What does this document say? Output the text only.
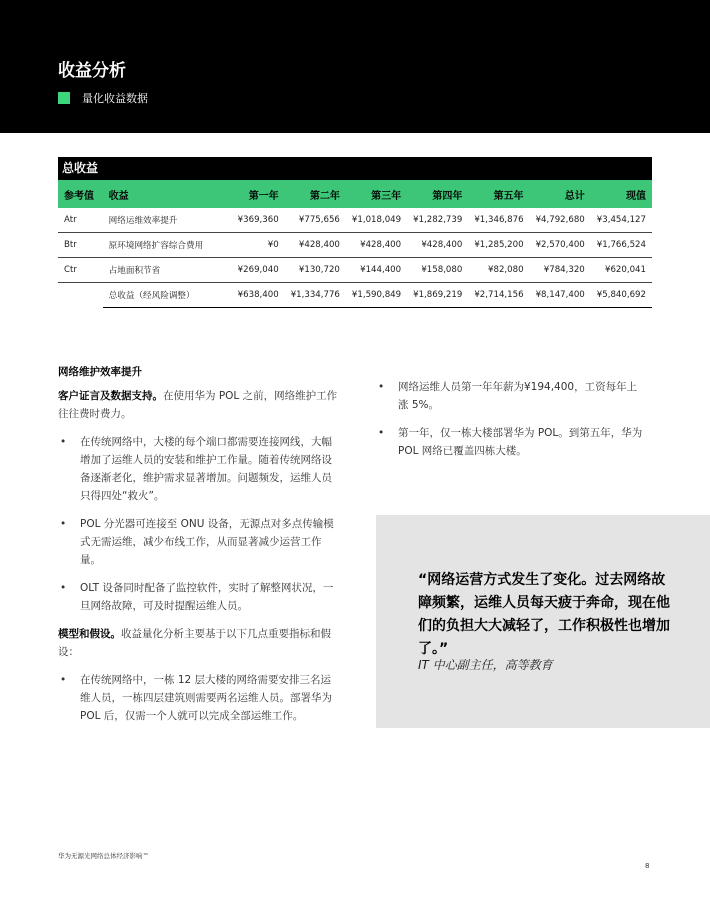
收益分析
量化收益数据
总收益
参考值	收益	第一年	第二年	第三年	第四年	第五年	总计	现值
Atr	网络运维效率提升	¥369,360	¥775,656	¥1,018,049	¥1,282,739	¥1,346,876	¥4,792,680	¥3,454,127
Btr	原环境网络扩容综合费用	¥0	¥428,400	¥428,400	¥428,400	¥1,285,200	¥2,570,400	¥1,766,524
Ctr	占地面积节省	¥269,040	¥130,720	¥144,400	¥158,080	¥82,080	¥784,320	¥620,041
	总收益（经风险调整）	¥638,400	¥1,334,776	¥1,590,849	¥1,869,219	¥2,714,156	¥8,147,400	¥5,840,692
网络维护效率提升

客户证言及数据支持。在使用华为 POL 之前，网络维护工作往往费时费力。

• 在传统网络中，大楼的每个端口都需要连接网线，大幅增加了运维人员的安装和维护工作量。随着传统网络设备逐渐老化，维护需求显著增加。问题频发，运维人员只得四处“救火”。
• POL 分光器可连接至 ONU 设备，无源点对多点传输模式无需运维，减少布线工作，从而显著减少运营工作量。
• OLT 设备同时配备了监控软件，实时了解整网状况，一旦网络故障，可及时提醒运维人员。

模型和假设。收益量化分析主要基于以下几点重要指标和假设：

• 在传统网络中，一栋 12 层大楼的网络需要安排三名运维人员，一栋四层建筑则需要两名运维人员。部署华为 POL 后，仅需一个人就可以完成全部运维工作。
• 网络运维人员第一年年薪为¥194,400，工资每年上涨 5%。
• 第一年，仅一栋大楼部署华为 POL。到第五年，华为 POL 网络已覆盖四栋大楼。
“网络运营方式发生了变化。过去网络故障频繁，运维人员每天疲于奔命，现在他们的负担大大减轻了，工作积极性也增加了。”
IT 中心副主任，高等教育
华为无源光网络总体经济影响™
8
